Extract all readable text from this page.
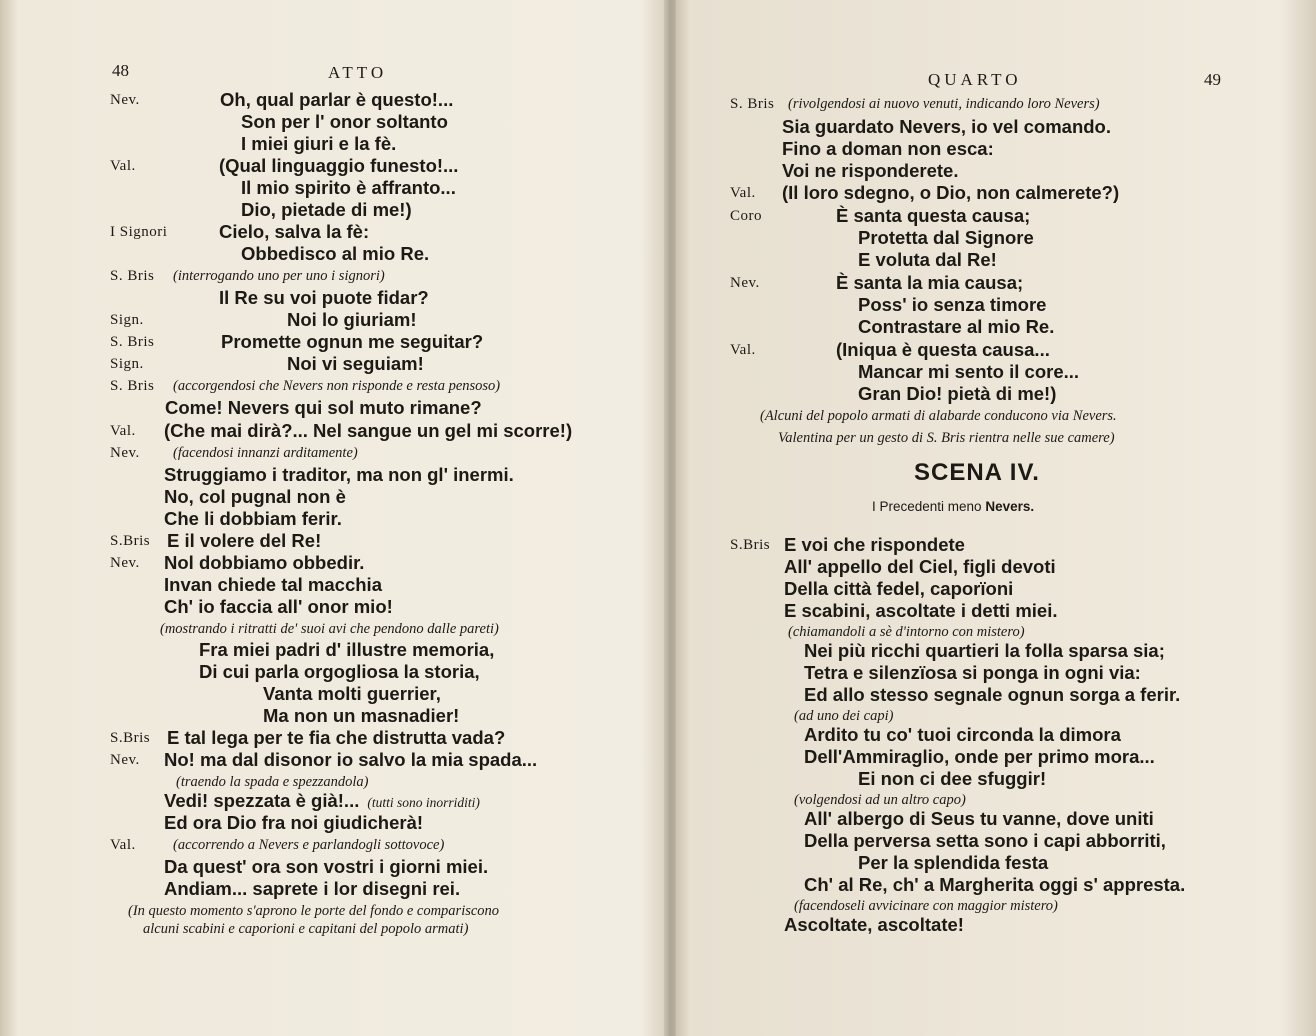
48	ATTO
Nev.	Oh, qual parlar è questo!...
Son per l' onor soltanto
I miei giuri e la fè.
Val.	(Qual linguaggio funesto!...
Il mio spirito è affranto...
Dio, pietade di me!)
I Signori	Cielo, salva la fè:
Obbedisco al mio Re.
S. Bris (interrogando uno per uno i signori)
Il Re su voi puote fidar?
Sign.	Noi lo giuriam!
S. Bris	Promette ognun me seguitar?
Sign.	Noi vi seguiam!
S. Bris (accorgendosi che Nevers non risponde e resta pensoso)
Come! Nevers qui sol muto rimane?
Val. (Che mai dirà?... Nel sangue un gel mi scorre!)
Nev. (facendosi innanzi arditamente)
Struggiamo i traditor, ma non gl' inermi.
No, col pugnal non è
Che li dobbiam ferir.
S.Bris E il volere del Re!
Nev. Nol dobbiamo obbedir.
Invan chiede tal macchia
Ch' io faccia all' onor mio!
(mostrando i ritratti de' suoi avi che pendono dalle pareti)
Fra miei padri d' illustre memoria,
Di cui parla orgogliosa la storia,
Vanta molti guerrier,
Ma non un masnadier!
S.Bris E tal lega per te fia che distrutta vada?
Nev. No! ma dal disonor io salvo la mia spada...
(traendo la spada e spezzandola)
Vedi! spezzata è già!... (tutti sono inorriditi)
Ed ora Dio fra noi giudicherà!
Val.	(accorrendo a Nevers e parlandogli sottovoce)
Da quest' ora son vostri i giorni miei.
Andiam... saprete i lor disegni rei.
(In questo momento s'aprono le porte del fondo e compariscono
alcuni scabini e caporioni e capitani del popolo armati)
QUARTO	49
S. Bris (rivolgendosi ai nuovo venuti, indicando loro Nevers)
Sia guardato Nevers, io vel comando.
Fino a doman non esca:
Voi ne risponderete.
Val. (Il loro sdegno, o Dio, non calmerete?)
Coro	È santa questa causa;
Protetta dal Signore
E voluta dal Re!
Nev.	È santa la mia causa;
Poss' io senza timore
Contrastare al mio Re.
Val.	(Iniqua è questa causa...
Mancar mi sento il core...
Gran Dio! pietà di me!)
(Alcuni del popolo armati di alabarde conducono via Nevers.
Valentina per un gesto di S. Bris rientra nelle sue camere)
SCENA IV.
I Precedenti meno Nevers.
S.Bris E voi che rispondete
All' appello del Ciel, figli devoti
Della città fedel, caporïoni
E scabini, ascoltate i detti miei.
(chiamandoli a sè d'intorno con mistero)
Nei più ricchi quartieri la folla sparsa sia;
Tetra e silenzïosa si ponga in ogni via:
Ed allo stesso segnale ognun sorga a ferir.
(ad uno dei capi)
Ardito tu co' tuoi circonda la dimora
Dell'Ammiraglio, onde per primo mora...
Ei non ci dee sfuggir!
(volgendosi ad un altro capo)
All' albergo di Seus tu vanne, dove uniti
Della perversa setta sono i capi abborriti,
Per la splendida festa
Ch' al Re, ch' a Margherita oggi s' appresta.
(facendoseli avvicinare con maggior mistero)
Ascoltate, ascoltate!
